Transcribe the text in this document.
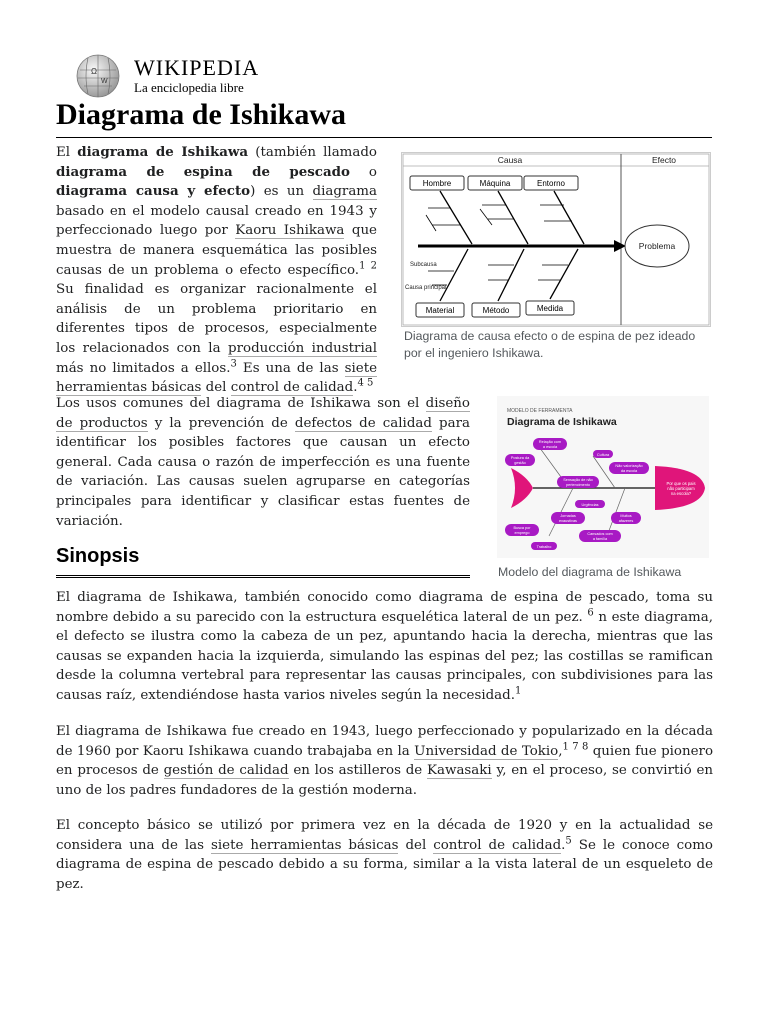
Ω
W
WIKIPEDIA
La enciclopedia libre
Diagrama de Ishikawa

El diagrama de Ishikawa (también llamado diagrama de espina de pescado o diagrama causa y efecto) es un diagrama basado en el modelo causal creado en 1943 y perfeccionado luego por Kaoru Ishikawa que muestra de manera esquemática las posibles causas de un problema o efecto específico.$^{1 2}$ Su finalidad es organizar racionalmente el análisis de un problema prioritario en diferentes tipos de procesos, especialmente los relacionados con la producción industrial más no limitados a ellos.$^3$ Es una de las siete herramientas básicas del control de calidad.$^{4 5}$

Causa	Efecto
Problema
Hombre	Máquina	Entorno
Material	Método	Medida
Subcausa
Causa principal
Diagrama de causa efecto o de espina de pez ideado por el ingeniero Ishikawa.

Los usos comunes del diagrama de Ishikawa son el diseño de productos y la prevención de defectos de calidad para identificar los posibles factores que causan un efecto general. Cada causa o razón de imperfección es una fuente de variación. Las causas suelen agruparse en categorías principales para identificar y clasificar estas fuentes de variación.

MODELO DE FERRAMENTA
Diagrama de Ishikawa
Por que os pais
não participam
na escola?
Relação com
a escola
Postura da
gestão
Sensação de não
pertencimento
Cultura
Não valorização
da escola
Urgências
Jornadas
exaustivas
Muitos
afazeres
Busca por
emprego	Cansados com
a família
Trabalho
Modelo del diagrama de Ishikawa
Sinopsis

El diagrama de Ishikawa, también conocido como diagrama de espina de pescado, toma su nombre debido a su parecido con la estructura esquelética lateral de un pez. $^6$ n este diagrama, el defecto se ilustra como la cabeza de un pez, apuntando hacia la derecha, mientras que las causas se expanden hacia la izquierda, simulando las espinas del pez; las costillas se ramifican desde la columna vertebral para representar las causas principales, con subdivisiones para las causas raíz, extendiéndose hasta varios niveles según la necesidad.$^1$

El diagrama de Ishikawa fue creado en 1943, luego perfeccionado y popularizado en la década de 1960 por Kaoru Ishikawa cuando trabajaba en la Universidad de Tokio,$^{1 7 8}$ quien fue pionero en procesos de gestión de calidad en los astilleros de Kawasaki y, en el proceso, se convirtió en uno de los padres fundadores de la gestión moderna.

El concepto básico se utilizó por primera vez en la década de 1920 y en la actualidad se considera una de las siete herramientas básicas del control de calidad.$^5$ Se le conoce como diagrama de espina de pescado debido a su forma, similar a la vista lateral de un esqueleto de pez.
